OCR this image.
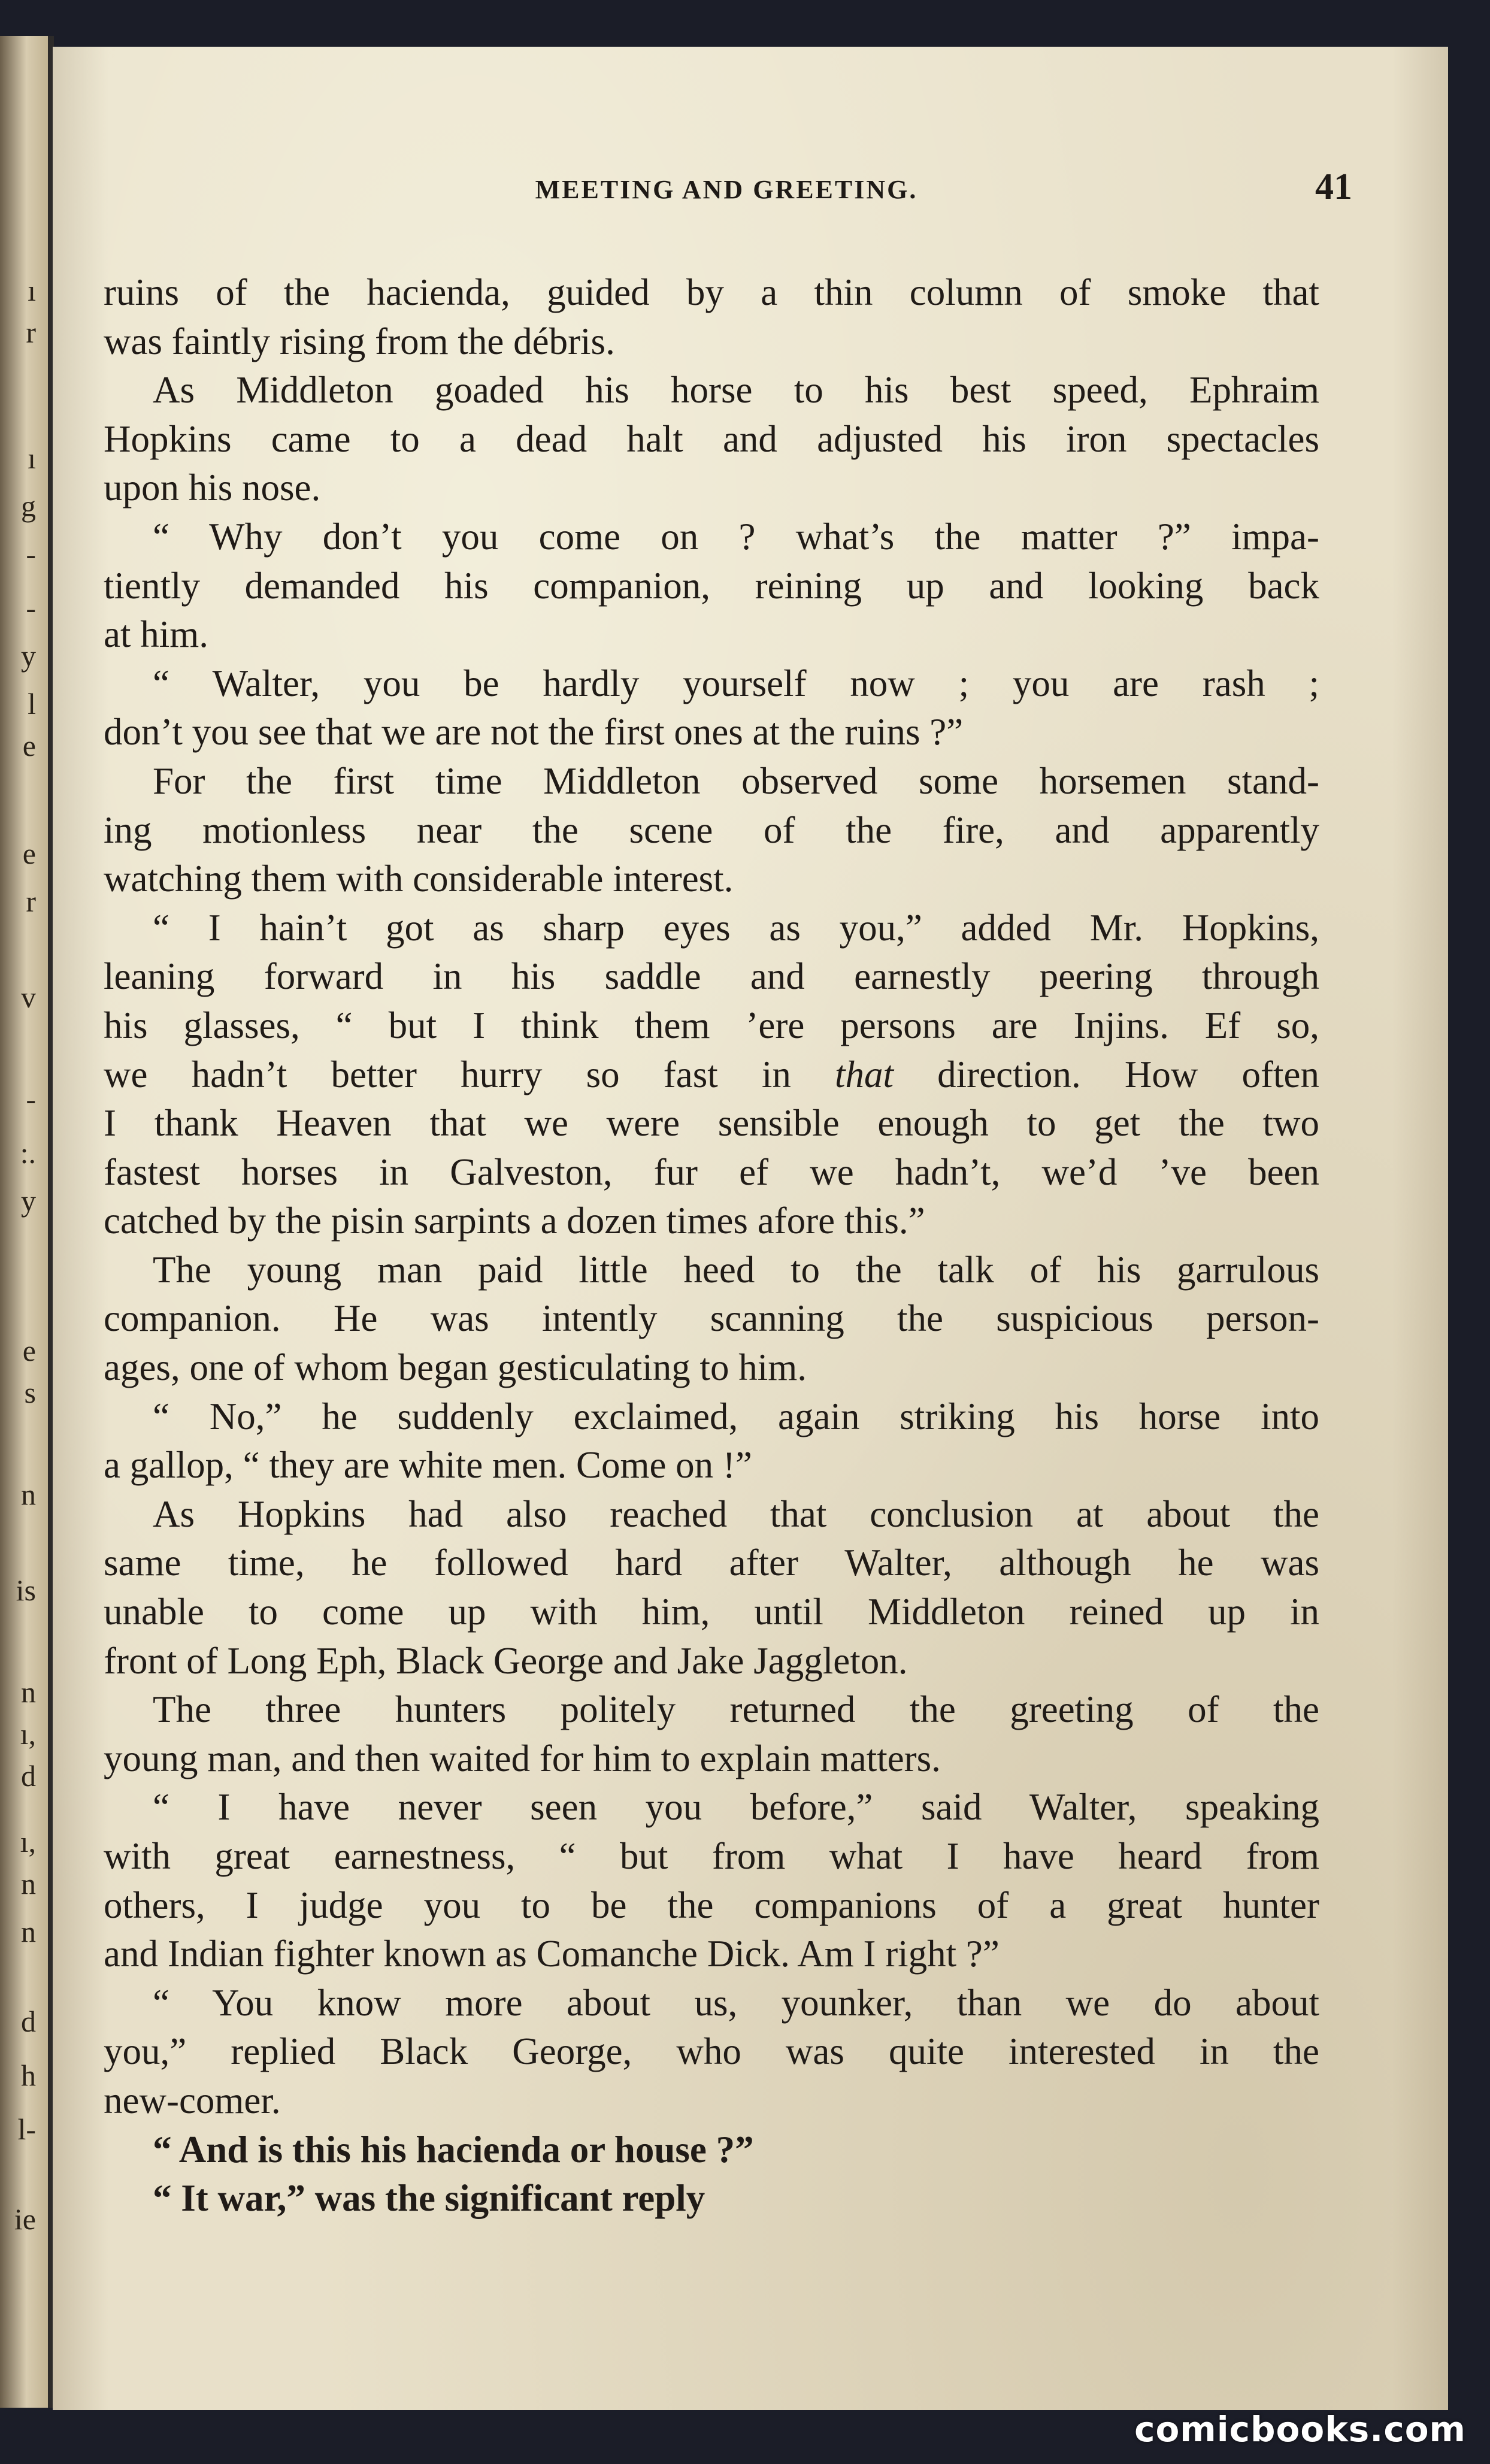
ı
r
ı
g
-
-
y
l
e
e
r
v
-
:.
y
e
s
n
is
n
ı,
d
ı,
n
n
d
h
l-
ie
MEETING AND GREETING.	41
ruins of the hacienda, guided by a thin column of smoke that
was faintly rising from the débris.
As Middleton goaded his horse to his best speed, Ephraim
Hopkins came to a dead halt and adjusted his iron spectacles
upon his nose.
“ Why don’t you come on ? what’s the matter ?” impa-
tiently demanded his companion, reining up and looking back
at him.
“ Walter, you be hardly yourself now ; you are rash ;
don’t you see that we are not the first ones at the ruins ?”
For the first time Middleton observed some horsemen stand-
ing motionless near the scene of the fire, and apparently
watching them with considerable interest.
“ I hain’t got as sharp eyes as you,” added Mr. Hopkins,
leaning forward in his saddle and earnestly peering through
his glasses, “ but I think them ’ere persons are Injins. Ef so,
we hadn’t better hurry so fast in that direction. How often
I thank Heaven that we were sensible enough to get the two
fastest horses in Galveston, fur ef we hadn’t, we’d ’ve been
catched by the pisin sarpints a dozen times afore this.”
The young man paid little heed to the talk of his garrulous
companion. He was intently scanning the suspicious person-
ages, one of whom began gesticulating to him.
“ No,” he suddenly exclaimed, again striking his horse into
a gallop, “ they are white men. Come on !”
As Hopkins had also reached that conclusion at about the
same time, he followed hard after Walter, although he was
unable to come up with him, until Middleton reined up in
front of Long Eph, Black George and Jake Jaggleton.
The three hunters politely returned the greeting of the
young man, and then waited for him to explain matters.
“ I have never seen you before,” said Walter, speaking
with great earnestness, “ but from what I have heard from
others, I judge you to be the companions of a great hunter
and Indian fighter known as Comanche Dick. Am I right ?”
“ You know more about us, younker, than we do about
you,” replied Black George, who was quite interested in the
new-comer.
“ And is this his hacienda or house ?”
“ It war,” was the significant reply
comicbooks.com
